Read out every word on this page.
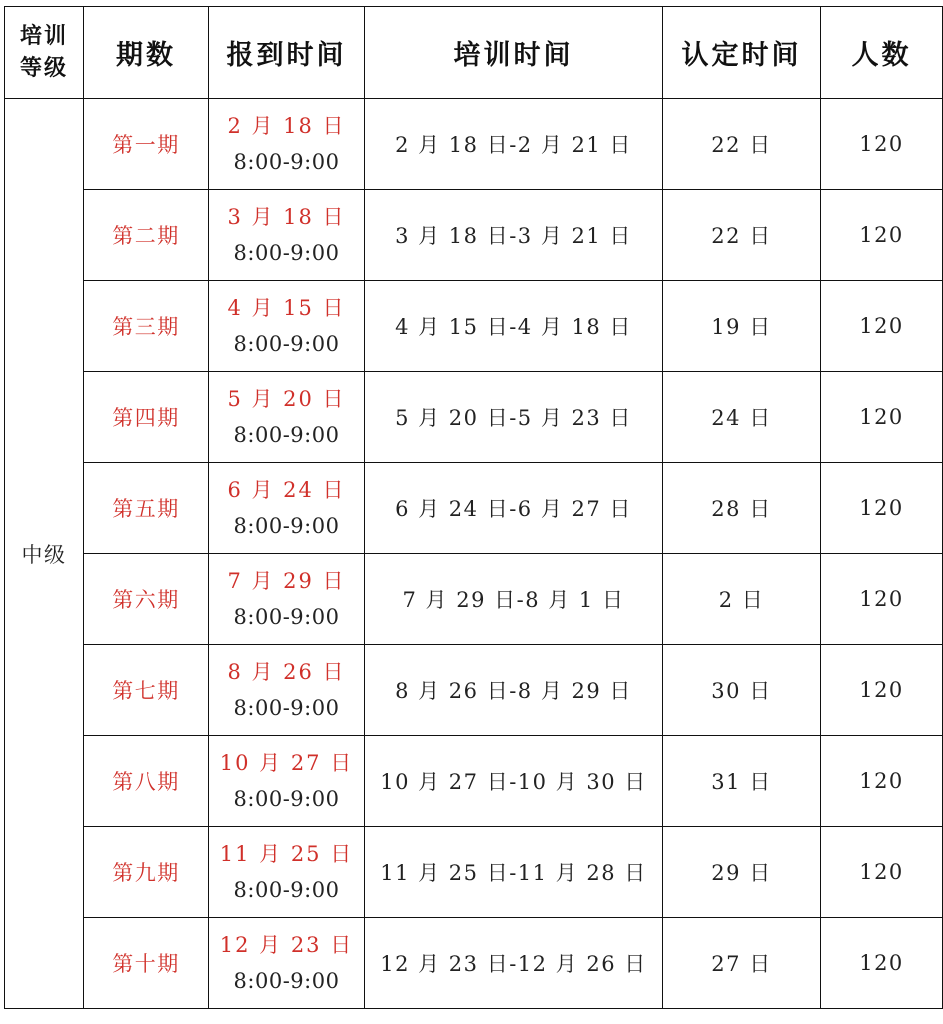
培训
等级	期数	报到时间	培训时间	认定时间	人数
中级	第一期	2 月 18 日
8:00-9:00	2 月 18 日-2 月 21 日	22 日	120
	第二期	3 月 18 日
8:00-9:00	3 月 18 日-3 月 21 日	22 日	120
	第三期	4 月 15 日
8:00-9:00	4 月 15 日-4 月 18 日	19 日	120
	第四期	5 月 20 日
8:00-9:00	5 月 20 日-5 月 23 日	24 日	120
	第五期	6 月 24 日
8:00-9:00	6 月 24 日-6 月 27 日	28 日	120
	第六期	7 月 29 日
8:00-9:00	7 月 29 日-8 月 1 日	2 日	120
	第七期	8 月 26 日
8:00-9:00	8 月 26 日-8 月 29 日	30 日	120
	第八期	10 月 27 日
8:00-9:00	10 月 27 日-10 月 30 日	31 日	120
	第九期	11 月 25 日
8:00-9:00	11 月 25 日-11 月 28 日	29 日	120
	第十期	12 月 23 日
8:00-9:00	12 月 23 日-12 月 26 日	27 日	120
